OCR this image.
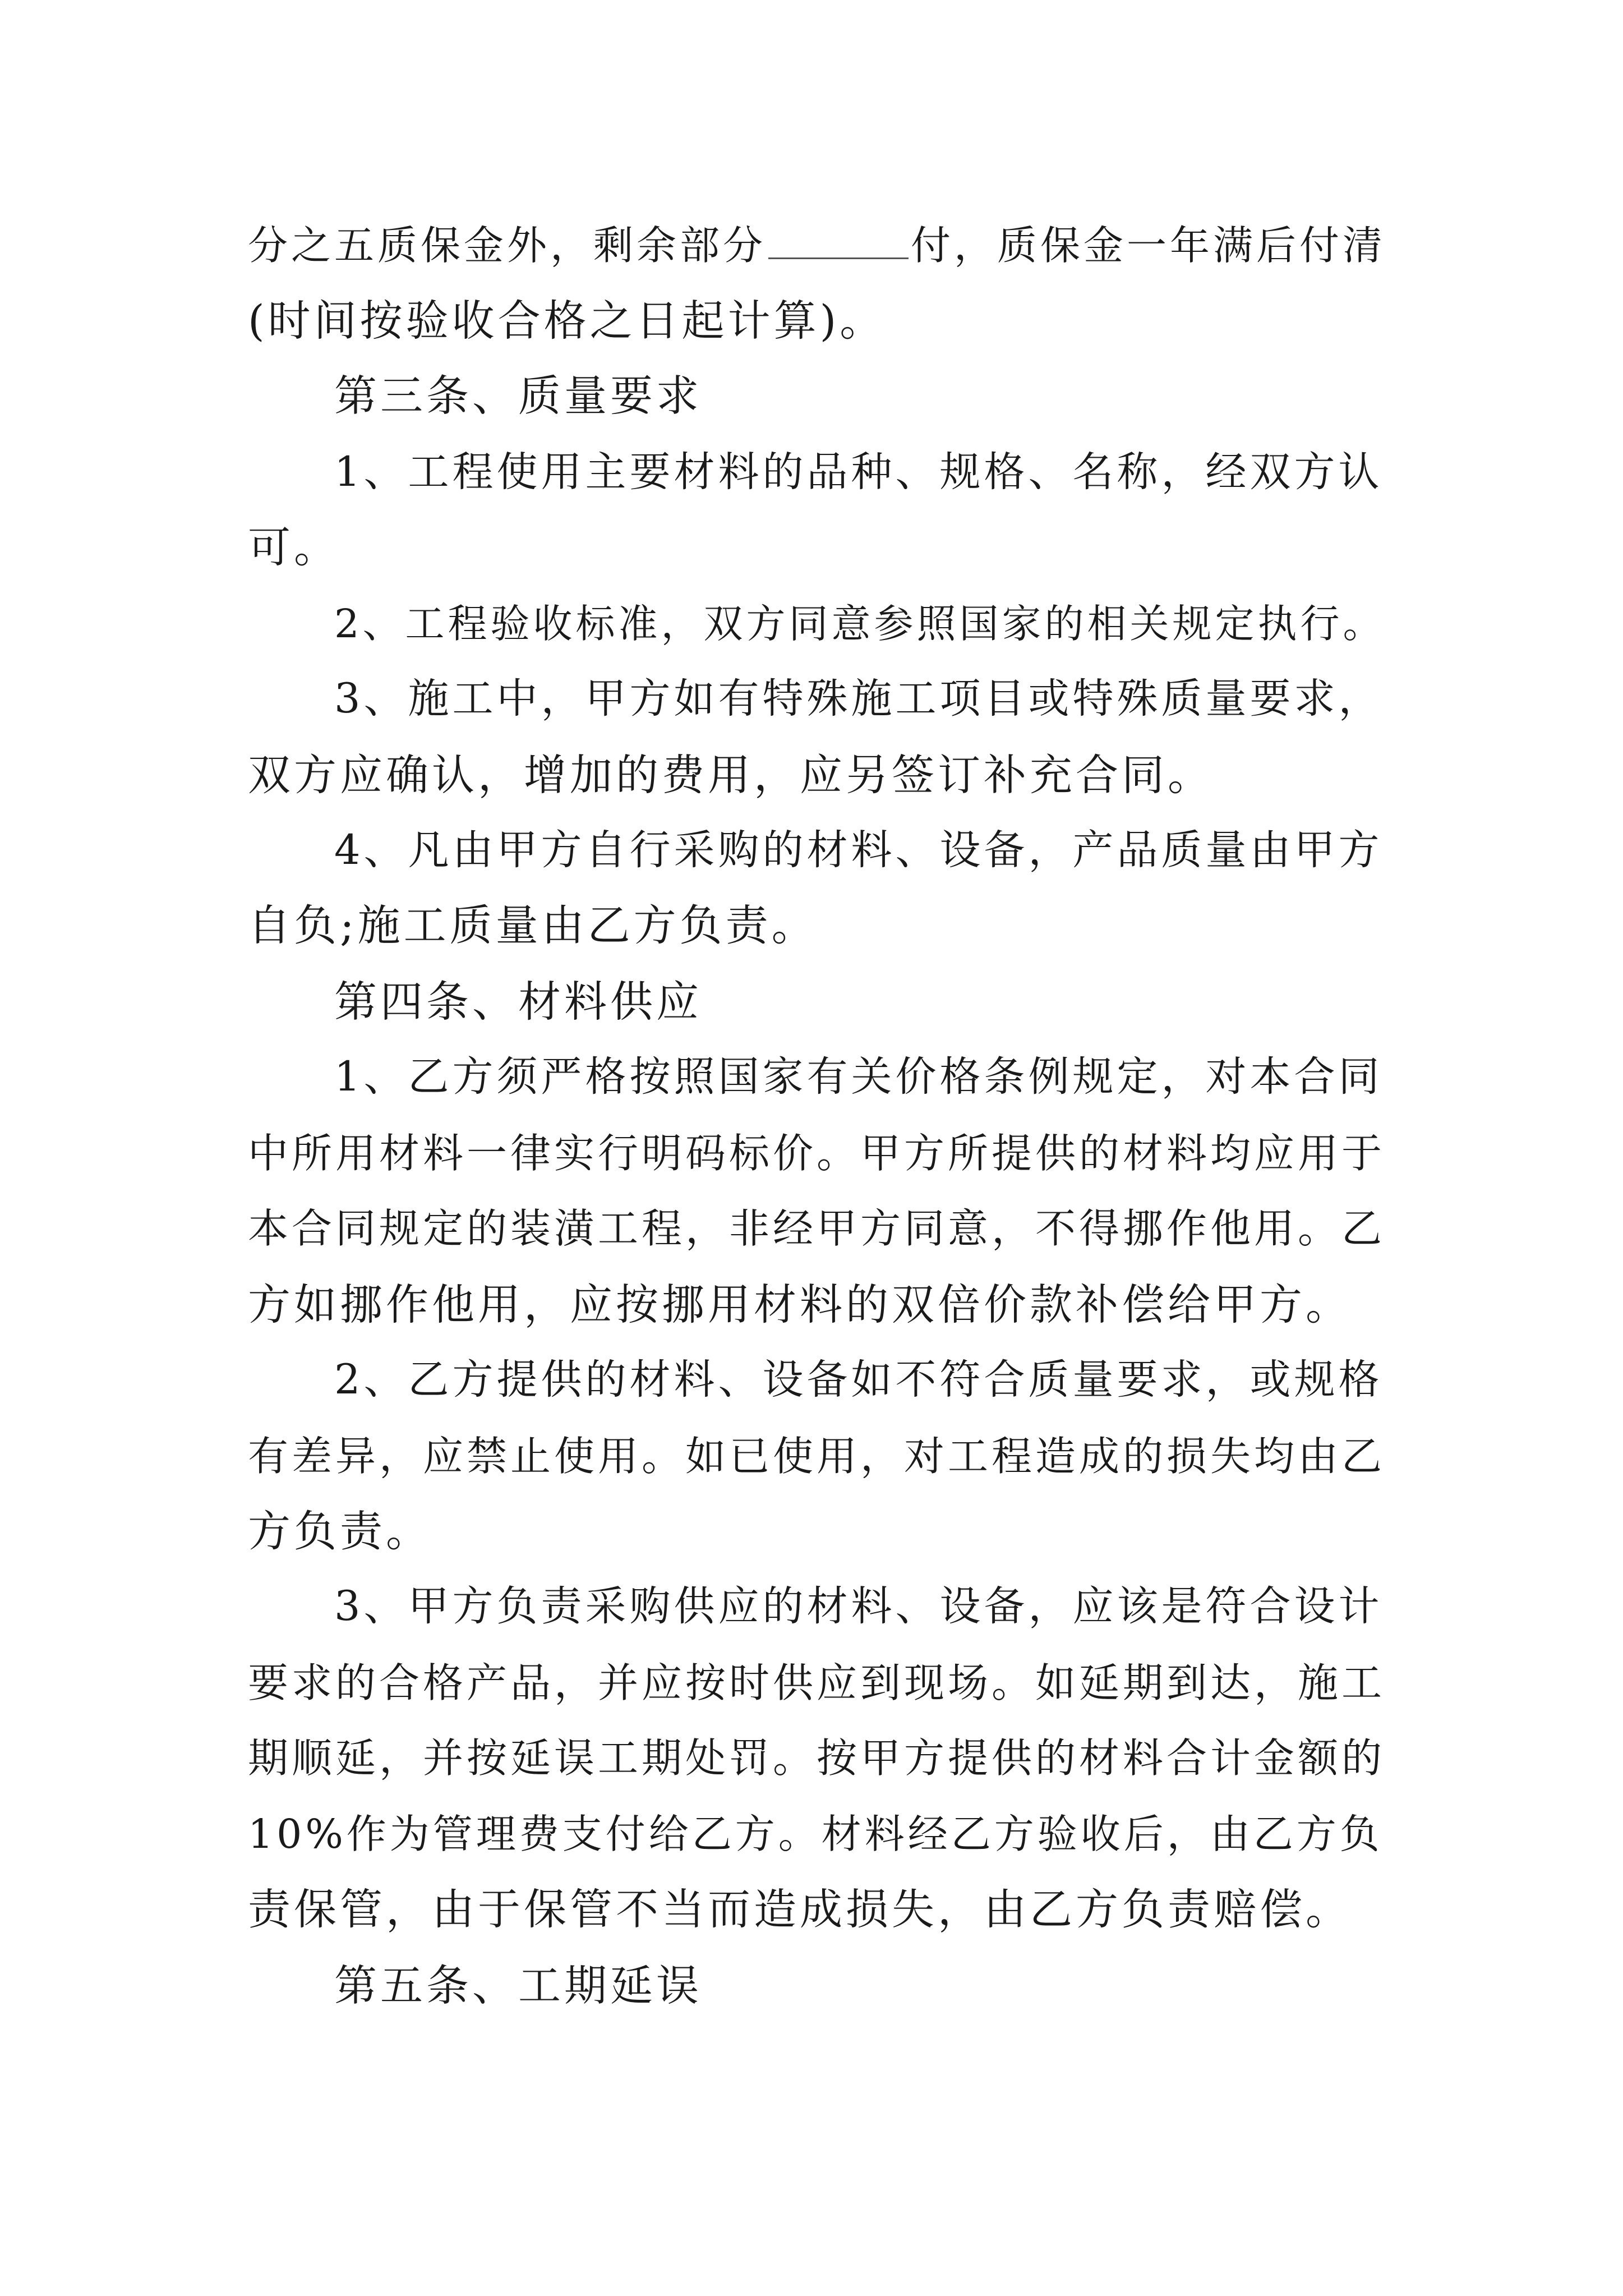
分之五质保金外，剩余部分	付，质保金一年满后付清
(时间按验收合格之日起计算)。
第三条、质量要求
1、工程使用主要材料的品种、规格、名称，经双方认
可。
2、工程验收标准，双方同意参照国家的相关规定执行。
3、施工中，甲方如有特殊施工项目或特殊质量要求，
双方应确认，增加的费用，应另签订补充合同。
4、凡由甲方自行采购的材料、设备，产品质量由甲方
自负;施工质量由乙方负责。
第四条、材料供应
1、乙方须严格按照国家有关价格条例规定，对本合同
中所用材料一律实行明码标价。甲方所提供的材料均应用于
本合同规定的装潢工程，非经甲方同意，不得挪作他用。乙
方如挪作他用，应按挪用材料的双倍价款补偿给甲方。
2、乙方提供的材料、设备如不符合质量要求，或规格
有差异，应禁止使用。如已使用，对工程造成的损失均由乙
方负责。
3、甲方负责采购供应的材料、设备，应该是符合设计
要求的合格产品，并应按时供应到现场。如延期到达，施工
期顺延，并按延误工期处罚。按甲方提供的材料合计金额的
10%作为管理费支付给乙方。材料经乙方验收后，由乙方负
责保管，由于保管不当而造成损失，由乙方负责赔偿。
第五条、工期延误
